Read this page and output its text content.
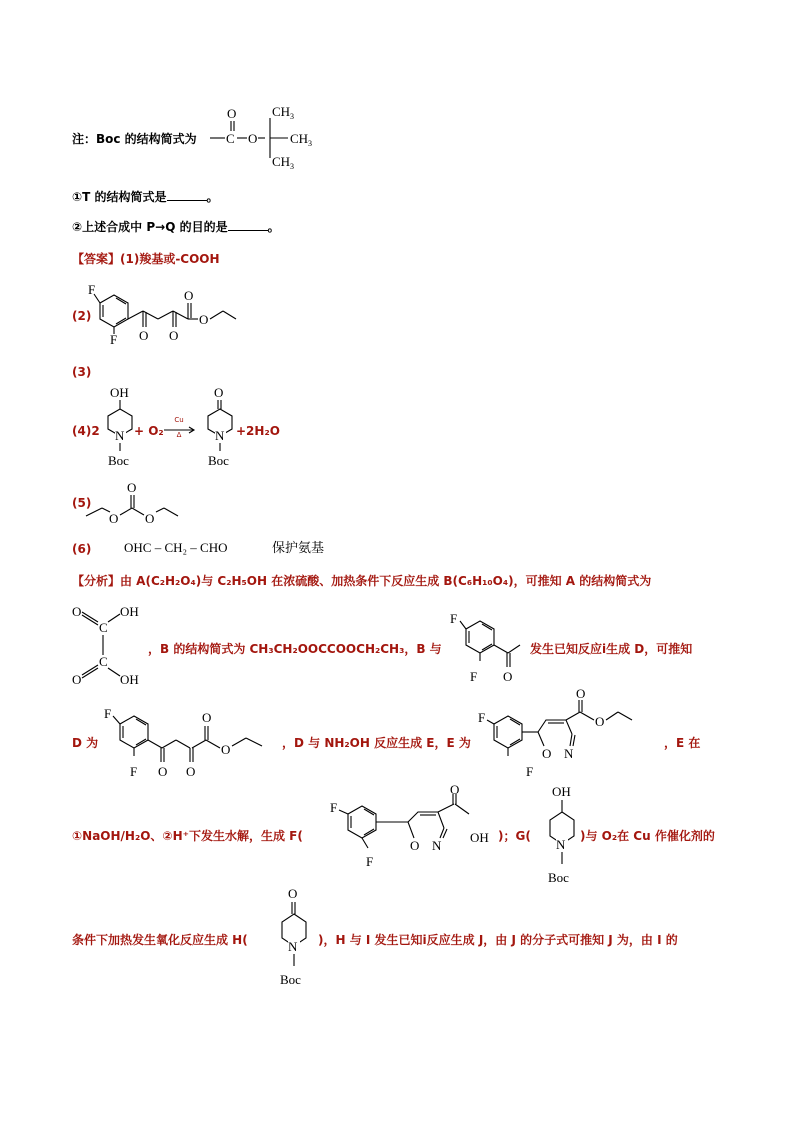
注：Boc 的结构简式为 C
O
O
CH 3
CH 3
CH 3
①T 的结构简式是	。
②上述合成中 P→Q 的目的是	。
【答案】(1)羧基或-COOH
(2)
F
F O O
O
O
(3)
(4)2
OH
N
Boc
+ O₂
Cu
Δ
O
N
Boc
+2H₂O
(5)
O
O
O
(6)	OHC – CH₂ – CHO	保护氨基
【分析】由 A(C₂H₂O₄)与 C₂H₅OH 在浓硫酸、加热条件下反应生成 B(C₆H₁₀O₄)，可推知 A 的结构简式为
O
C
OH
C
O	OH
，B 的结构简式为 CH₃CH₂OOCCOOCH₂CH₃，B 与
F
F O
发生已知反应ⅰ生成 D，可推知
D 为
F
F O O
O
O	，D 与 NH₂OH 反应生成 E，E 为
F
F
O N
O
O
，E 在
①NaOH/H₂O、②H⁺下发生水解，生成 F(
F
F
O N
O
OH )；G(
OH
N
Boc
)与 O₂在 Cu 作催化剂的
条件下加热发生氧化反应生成 H(
O
N
Boc
)，H 与 I 发生已知ⅰ反应生成 J，由 J 的分子式可推知 J 为，由 I 的
